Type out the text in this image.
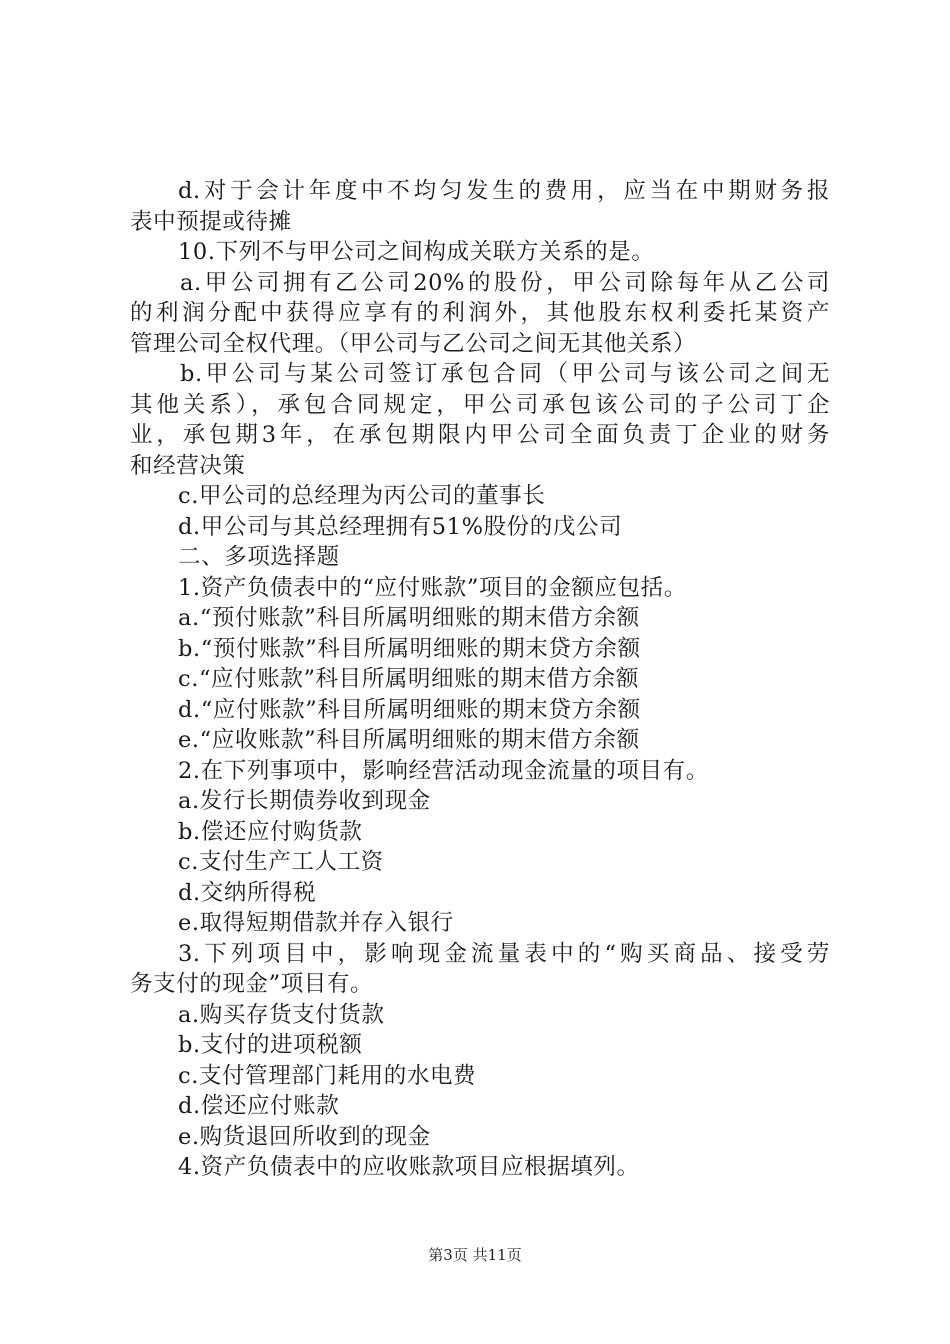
d.对于会计年度中不均匀发生的费用，应当在中期财务报
表中预提或待摊
10.下列不与甲公司之间构成关联方关系的是。
a.甲公司拥有乙公司20%的股份，甲公司除每年从乙公司
的利润分配中获得应享有的利润外，其他股东权利委托某资产
管理公司全权代理。（甲公司与乙公司之间无其他关系）
b.甲公司与某公司签订承包合同（甲公司与该公司之间无
其他关系），承包合同规定，甲公司承包该公司的子公司丁企
业，承包期3年，在承包期限内甲公司全面负责丁企业的财务
和经营决策
c.甲公司的总经理为丙公司的董事长
d.甲公司与其总经理拥有51%股份的戊公司
二、多项选择题
1.资产负债表中的“应付账款”项目的金额应包括。
a.“预付账款”科目所属明细账的期末借方余额
b.“预付账款”科目所属明细账的期末贷方余额
c.“应付账款”科目所属明细账的期末借方余额
d.“应付账款”科目所属明细账的期末贷方余额
e.“应收账款”科目所属明细账的期末借方余额
2.在下列事项中，影响经营活动现金流量的项目有。
a.发行长期债券收到现金
b.偿还应付购货款
c.支付生产工人工资
d.交纳所得税
e.取得短期借款并存入银行
3.下列项目中，影响现金流量表中的“购买商品、接受劳
务支付的现金”项目有。
a.购买存货支付货款
b.支付的进项税额
c.支付管理部门耗用的水电费
d.偿还应付账款
e.购货退回所收到的现金
4.资产负债表中的应收账款项目应根据填列。
第3页 共11页
